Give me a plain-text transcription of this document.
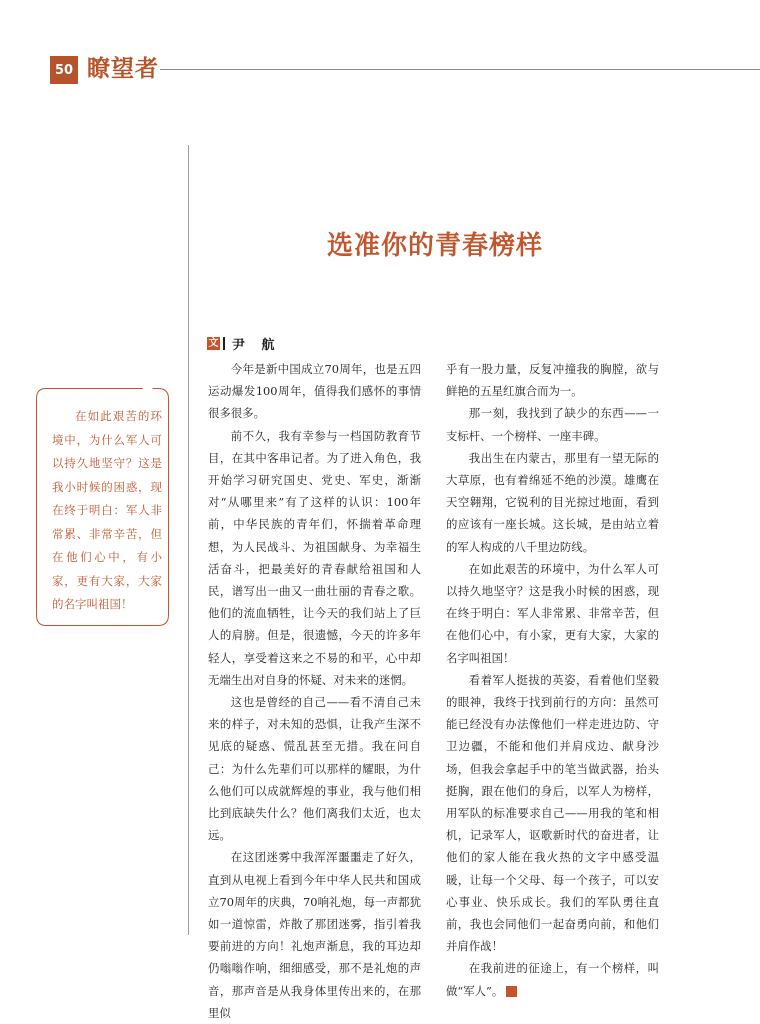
50 瞭望者
选准你的青春榜样
文 尹 航

在如此艰苦的环境中，为什么军人可以持久地坚守？这是我小时候的困惑，现在终于明白：军人非常累、非常辛苦，但在他们心中，有小家，更有大家，大家的名字叫祖国！

今年是新中国成立70周年，也是五四运动爆发100周年，值得我们感怀的事情很多很多。

前不久，我有幸参与一档国防教育节目，在其中客串记者。为了进入角色，我开始学习研究国史、党史、军史，渐渐对“从哪里来”有了这样的认识：100年前，中华民族的青年们，怀揣着革命理想，为人民战斗、为祖国献身、为幸福生活奋斗，把最美好的青春献给祖国和人民，谱写出一曲又一曲壮丽的青春之歌。他们的流血牺牲，让今天的我们站上了巨人的肩膀。但是，很遗憾，今天的许多年轻人，享受着这来之不易的和平，心中却无端生出对自身的怀疑、对未来的迷惘。

这也是曾经的自己——看不清自己未来的样子，对未知的恐惧，让我产生深不见底的疑惑、慌乱甚至无措。我在问自己：为什么先辈们可以那样的耀眼，为什么他们可以成就辉煌的事业，我与他们相比到底缺失什么？他们离我们太近，也太远。

在这团迷雾中我浑浑噩噩走了好久，直到从电视上看到今年中华人民共和国成立70周年的庆典，70响礼炮，每一声都犹如一道惊雷，炸散了那团迷雾，指引着我要前进的方向！礼炮声渐息，我的耳边却仍嗡嗡作响，细细感受，那不是礼炮的声音，那声音是从我身体里传出来的，在那里似

乎有一股力量，反复冲撞我的胸膛，欲与鲜艳的五星红旗合而为一。

那一刻，我找到了缺少的东西——一支标杆、一个榜样、一座丰碑。

我出生在内蒙古，那里有一望无际的大草原，也有着绵延不绝的沙漠。雄鹰在天空翱翔，它锐利的目光掠过地面，看到的应该有一座长城。这长城，是由站立着的军人构成的八千里边防线。

在如此艰苦的环境中，为什么军人可以持久地坚守？这是我小时候的困惑，现在终于明白：军人非常累、非常辛苦，但在他们心中，有小家，更有大家，大家的名字叫祖国！

看着军人挺拔的英姿，看着他们坚毅的眼神，我终于找到前行的方向：虽然可能已经没有办法像他们一样走进边防、守卫边疆，不能和他们并肩戍边、献身沙场，但我会拿起手中的笔当做武器，抬头挺胸，跟在他们的身后，以军人为榜样，用军队的标准要求自己——用我的笔和相机，记录军人，讴歌新时代的奋进者，让他们的家人能在我火热的文字中感受温暖，让每一个父母、每一个孩子，可以安心事业、快乐成长。我们的军队勇往直前，我也会同他们一起奋勇向前，和他们并肩作战！

在我前进的征途上，有一个榜样，叫做“军人”。	G
